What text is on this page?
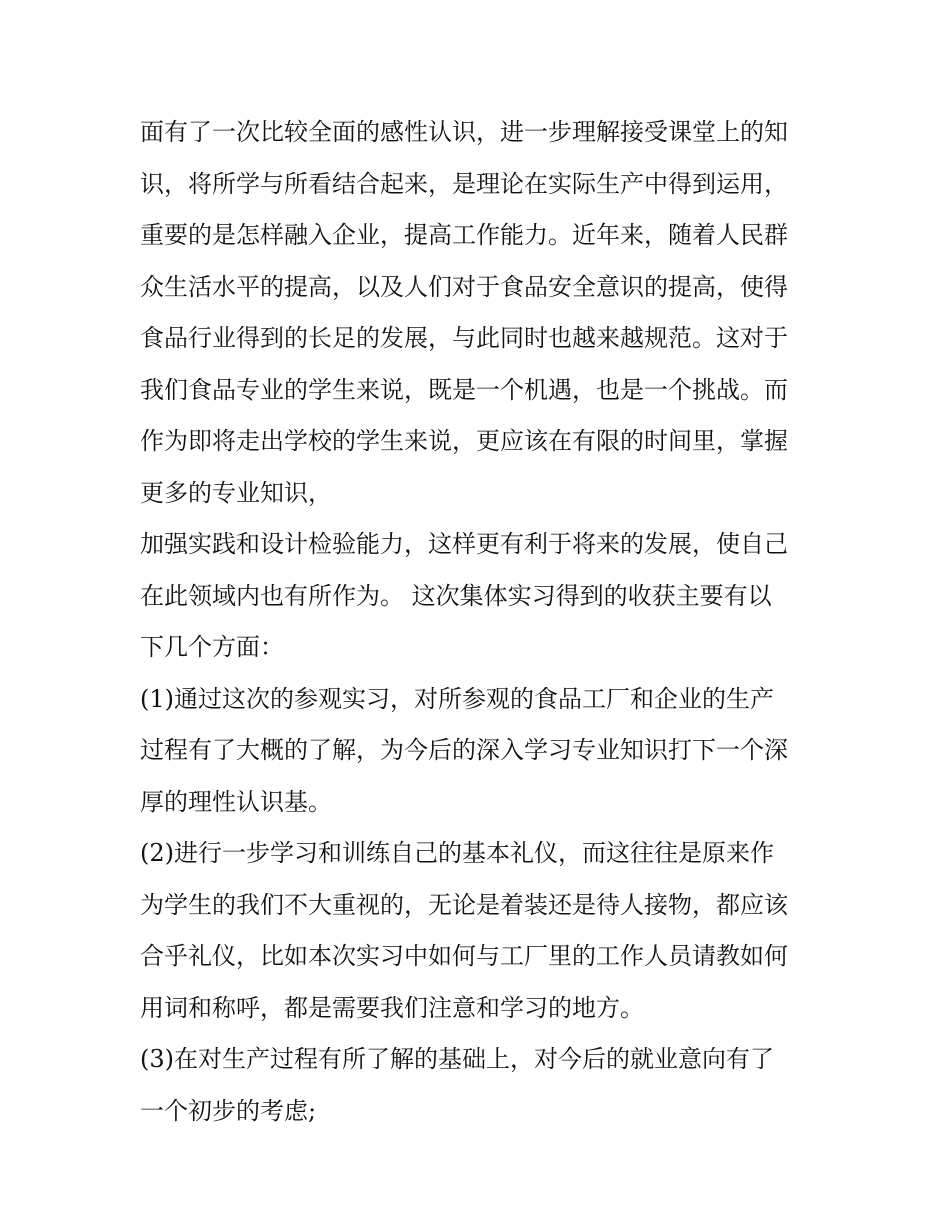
面有了一次比较全面的感性认识，进一步理解接受课堂上的知
识，将所学与所看结合起来，是理论在实际生产中得到运用，
重要的是怎样融入企业，提高工作能力。近年来，随着人民群
众生活水平的提高，以及人们对于食品安全意识的提高，使得
食品行业得到的长足的发展，与此同时也越来越规范。这对于
我们食品专业的学生来说，既是一个机遇，也是一个挑战。而
作为即将走出学校的学生来说，更应该在有限的时间里，掌握
更多的专业知识，
加强实践和设计检验能力，这样更有利于将来的发展，使自己
在此领域内也有所作为。 这次集体实习得到的收获主要有以
下几个方面：
(1)通过这次的参观实习，对所参观的食品工厂和企业的生产
过程有了大概的了解，为今后的深入学习专业知识打下一个深
厚的理性认识基。
(2)进行一步学习和训练自己的基本礼仪，而这往往是原来作
为学生的我们不大重视的，无论是着装还是待人接物，都应该
合乎礼仪，比如本次实习中如何与工厂里的工作人员请教如何
用词和称呼，都是需要我们注意和学习的地方。
(3)在对生产过程有所了解的基础上，对今后的就业意向有了
一个初步的考虑;
